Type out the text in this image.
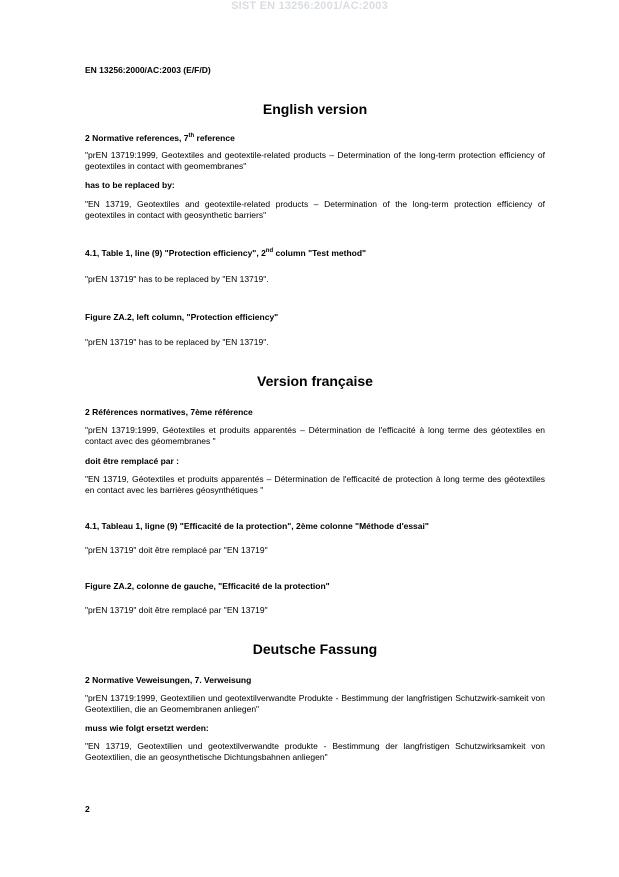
SIST EN 13256:2001/AC:2003
EN 13256:2000/AC:2003 (E/F/D)
English version
2 Normative references, 7th reference
"prEN 13719:1999, Geotextiles and geotextile-related products – Determination of the long-term protection efficiency of geotextiles in contact with geomembranes"
has to be replaced by:
"EN 13719, Geotextiles and geotextile-related products – Determination of the long-term protection efficiency of geotextiles in contact with geosynthetic barriers"
4.1, Table 1, line (9) "Protection efficiency", 2nd column "Test method"
"prEN 13719" has to be replaced by "EN 13719".
Figure ZA.2, left column, "Protection efficiency"
"prEN 13719" has to be replaced by "EN 13719".
Version française
2 Références normatives, 7ème référence
"prEN 13719:1999, Géotextiles et produits apparentés – Détermination de l'efficacité à long terme des géotextiles en contact avec des géomembranes "
doit être remplacé par :
"EN 13719, Géotextiles et produits apparentés – Détermination de l'efficacité de protection à long terme des géotextiles en contact avec les barrières géosynthétiques "
4.1, Tableau 1, ligne (9) "Efficacité de la protection", 2ème colonne "Méthode d'essai"
"prEN 13719" doit être remplacé par "EN 13719"
Figure ZA.2, colonne de gauche, "Efficacité de la protection"
"prEN 13719" doit être remplacé par "EN 13719"
Deutsche Fassung
2 Normative Veweisungen, 7. Verweisung
"prEN 13719:1999, Geotextilien und geotextilverwandte Produkte - Bestimmung der langfristigen Schutzwirk-samkeit von Geotextilien, die an Geomembranen anliegen"
muss wie folgt ersetzt werden:
"EN 13719, Geotextilien und geotextilverwandte produkte - Bestimmung der langfristigen Schutzwirksamkeit von Geotextilien, die an geosynthetische Dichtungsbahnen anliegen"
2
